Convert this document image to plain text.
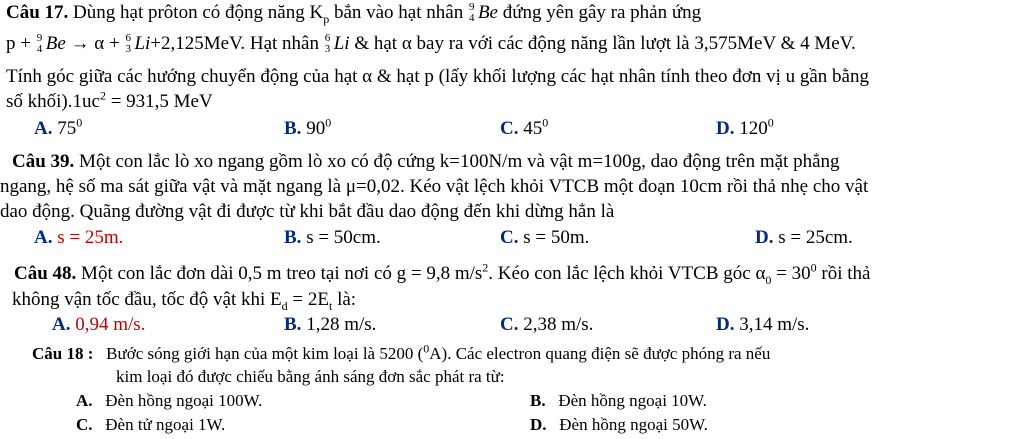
Câu 17. Dùng hạt prôton có động năng $K_p$ bắn vào hạt nhân 9
4 Be đứng yên gây ra phản ứng
p + 9
4 Be → α + 6
3 Li+2,125MeV. Hạt nhân 6
3 Li & hạt α bay ra với các động năng lần lượt là 3,575MeV & 4 MeV.
Tính góc giữa các hướng chuyển động của hạt α & hạt p (lấy khối lượng các hạt nhân tính theo đơn vị u gần bằng
số $khối).1uc^2 = 931,5$ MeV
A. $75^0$	B. $90^0$	C. $45^0$	D. $120^0$
Câu 39. Một con lắc lò xo ngang gồm lò xo có độ cứng k=100N/m và vật m=100g, dao động trên mặt phẳng
ngang, hệ số ma sát giữa vật và mặt ngang là μ=0,02. Kéo vật lệch khỏi VTCB một đoạn 10cm rồi thả nhẹ cho vật
dao động. Quãng đường vật đi được từ khi bắt đầu dao động đến khi dừng hẳn là
A. s = 25m.	B. s = 50cm.	C. s = 50m.	D. s = 25cm.
Câu 48. Một con lắc đơn dài 0,5 m treo tại nơi có g = 9,8 $m/s^2$. Kéo con lắc lệch khỏi VTCB góc $\alpha_0 = 30^0$ rồi thả
không vận tốc đầu, tốc độ vật khi $E_d = 2E_t$ là:
A. 0,94 m/s.	B. 1,28 m/s.	C. 2,38 m/s.	D. 3,14 m/s.
Câu 18 : Bước sóng giới hạn của một kim loại là 5200 ($^0$A). Các electron quang điện sẽ được phóng ra nếu
kim loại đó được chiếu bằng ánh sáng đơn sắc phát ra từ:
A. Đèn hồng ngoại 100W.	B. Đèn hồng ngoại 10W.
C. Đèn tử ngoại 1W.	D. Đèn hồng ngoại 50W.
